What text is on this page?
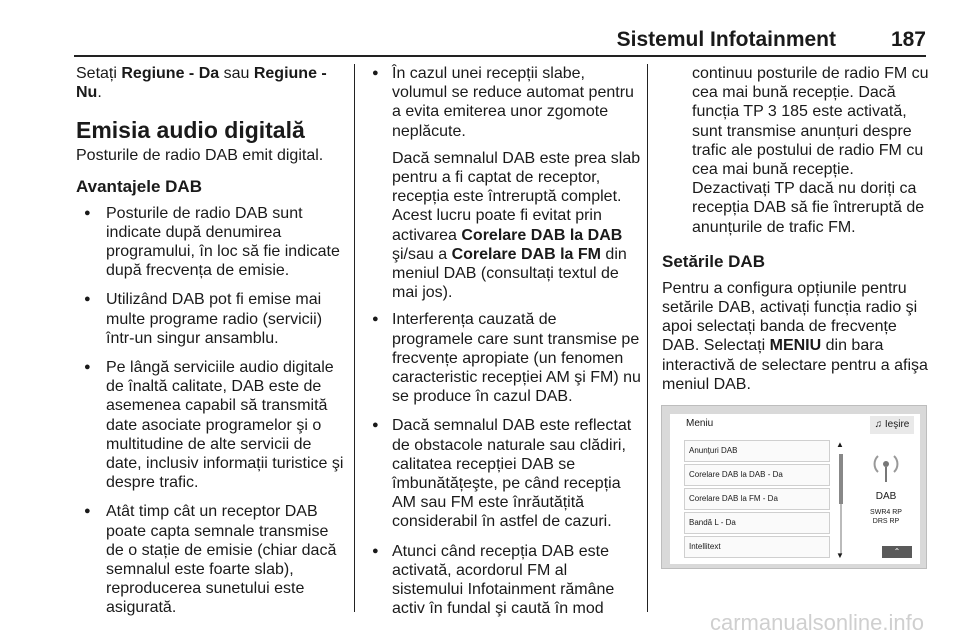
Sistemul Infotainment	187

Setați Regiune - Da sau Regiune - Nu.

Emisia audio digitală

Posturile de radio DAB emit digital.

Avantajele DAB
● Posturile de radio DAB sunt indicate după denumirea programului, în loc să fie indicate după frecvența de emisie.
● Utilizând DAB pot fi emise mai multe programe radio (servicii) într-un singur ansamblu.
● Pe lângă serviciile audio digitale de înaltă calitate, DAB este de asemenea capabil să transmită date asociate programelor şi o multitudine de alte servicii de date, inclusiv informații turistice şi despre trafic.
● Atât timp cât un receptor DAB poate capta semnale transmise de o stație de emisie (chiar dacă semnalul este foarte slab), reproducerea sunetului este asigurată.
● În cazul unei recepții slabe, volumul se reduce automat pentru a evita emiterea unor zgomote neplăcute.

Dacă semnalul DAB este prea slab pentru a fi captat de receptor, recepția este întreruptă complet. Acest lucru poate fi evitat prin activarea Corelare DAB la DAB şi/sau a Corelare DAB la FM din meniul DAB (consultați textul de mai jos).

● Interferența cauzată de programele care sunt transmise pe frecvențe apropiate (un fenomen caracteristic recepției AM şi FM) nu se produce în cazul DAB.
● Dacă semnalul DAB este reflectat de obstacole naturale sau clădiri, calitatea recepției DAB se îmbunătățeşte, pe când recepția AM sau FM este înrăutățită considerabil în astfel de cazuri.
● Atunci când recepția DAB este activată, acordorul FM al sistemului Infotainment rămâne activ în fundal şi caută în mod

continuu posturile de radio FM cu cea mai bună recepție. Dacă funcția TP 3 185 este activată, sunt transmise anunțuri despre trafic ale postului de radio FM cu cea mai bună recepție. Dezactivați TP dacă nu doriți ca recepția DAB să fie întreruptă de anunțurile de trafic FM.

Setările DAB

Pentru a configura opțiunile pentru setările DAB, activați funcția radio şi apoi selectați banda de frecvențe DAB. Selectați MENIU din bara interactivă de selectare pentru a afişa meniul DAB.

Meniu	♫ Ieşire
Anunțuri DAB
Corelare DAB la DAB - Da
Corelare DAB la FM - Da
Bandă L - Da
Intellitext
▲
▼
DAB
SWR4 RP
DRS RP
⌃
carmanualsonline.info
